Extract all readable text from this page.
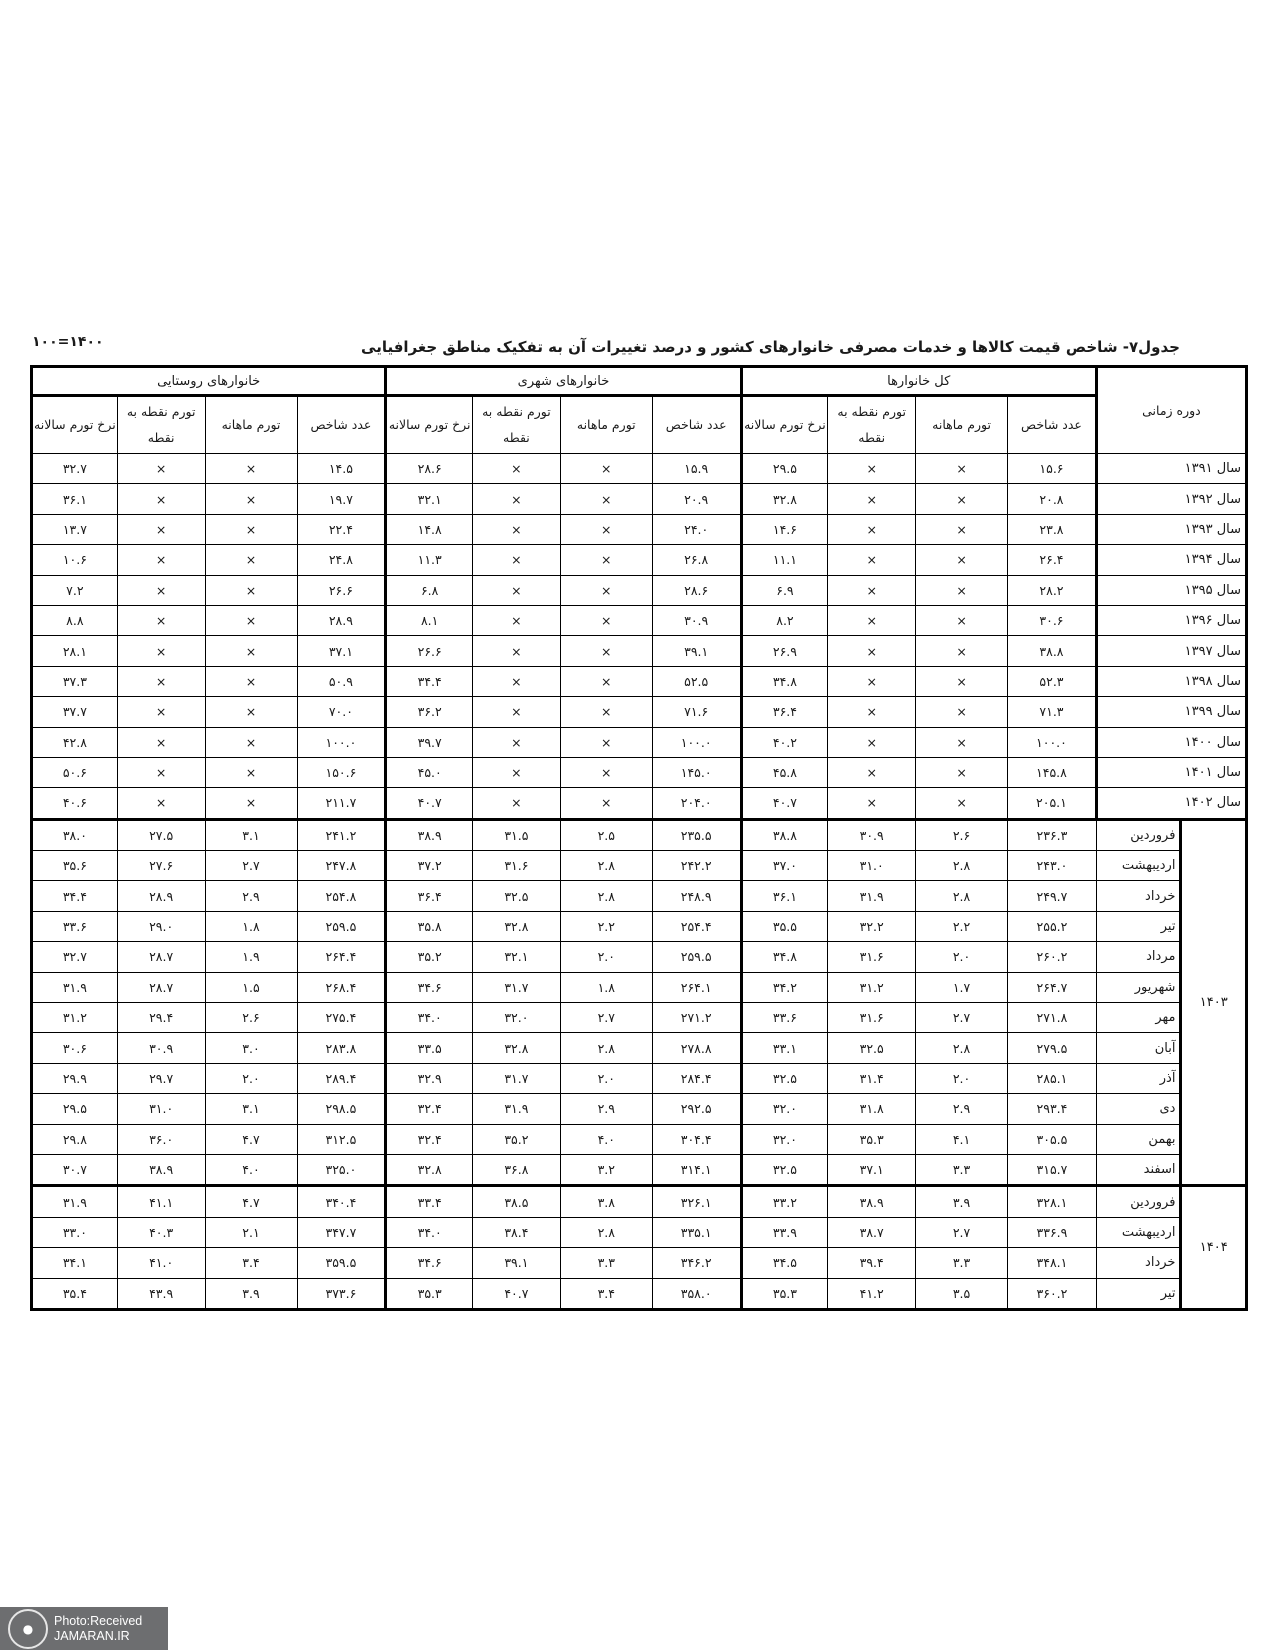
جدول۷- شاخص قیمت کالاها و خدمات مصرفی خانوارهای کشور و درصد تغییرات آن به تفکیک مناطق جغرافیایی
۱۴۰۰=۱۰۰
دوره زمانی		کل خانوارها				خانوارهای شهری				خانوارهای روستایی			
		عدد شاخص	تورم ماهانه	تورم نقطه به نقطه	نرخ تورم سالانه	عدد شاخص	تورم ماهانه	تورم نقطه به نقطه	نرخ تورم سالانه	عدد شاخص	تورم ماهانه	تورم نقطه به نقطه	نرخ تورم سالانه
سال ۱۳۹۱		۱۵.۶	×	×	۲۹.۵	۱۵.۹	×	×	۲۸.۶	۱۴.۵	×	×	۳۲.۷
سال ۱۳۹۲		۲۰.۸	×	×	۳۲.۸	۲۰.۹	×	×	۳۲.۱	۱۹.۷	×	×	۳۶.۱
سال ۱۳۹۳		۲۳.۸	×	×	۱۴.۶	۲۴.۰	×	×	۱۴.۸	۲۲.۴	×	×	۱۳.۷
سال ۱۳۹۴		۲۶.۴	×	×	۱۱.۱	۲۶.۸	×	×	۱۱.۳	۲۴.۸	×	×	۱۰.۶
سال ۱۳۹۵		۲۸.۲	×	×	۶.۹	۲۸.۶	×	×	۶.۸	۲۶.۶	×	×	۷.۲
سال ۱۳۹۶		۳۰.۶	×	×	۸.۲	۳۰.۹	×	×	۸.۱	۲۸.۹	×	×	۸.۸
سال ۱۳۹۷		۳۸.۸	×	×	۲۶.۹	۳۹.۱	×	×	۲۶.۶	۳۷.۱	×	×	۲۸.۱
سال ۱۳۹۸		۵۲.۳	×	×	۳۴.۸	۵۲.۵	×	×	۳۴.۴	۵۰.۹	×	×	۳۷.۳
سال ۱۳۹۹		۷۱.۳	×	×	۳۶.۴	۷۱.۶	×	×	۳۶.۲	۷۰.۰	×	×	۳۷.۷
سال ۱۴۰۰		۱۰۰.۰	×	×	۴۰.۲	۱۰۰.۰	×	×	۳۹.۷	۱۰۰.۰	×	×	۴۲.۸
سال ۱۴۰۱		۱۴۵.۸	×	×	۴۵.۸	۱۴۵.۰	×	×	۴۵.۰	۱۵۰.۶	×	×	۵۰.۶
سال ۱۴۰۲		۲۰۵.۱	×	×	۴۰.۷	۲۰۴.۰	×	×	۴۰.۷	۲۱۱.۷	×	×	۴۰.۶
۱۴۰۳	فروردین	۲۳۶.۳	۲.۶	۳۰.۹	۳۸.۸	۲۳۵.۵	۲.۵	۳۱.۵	۳۸.۹	۲۴۱.۲	۳.۱	۲۷.۵	۳۸.۰
	اردیبهشت	۲۴۳.۰	۲.۸	۳۱.۰	۳۷.۰	۲۴۲.۲	۲.۸	۳۱.۶	۳۷.۲	۲۴۷.۸	۲.۷	۲۷.۶	۳۵.۶
	خرداد	۲۴۹.۷	۲.۸	۳۱.۹	۳۶.۱	۲۴۸.۹	۲.۸	۳۲.۵	۳۶.۴	۲۵۴.۸	۲.۹	۲۸.۹	۳۴.۴
	تیر	۲۵۵.۲	۲.۲	۳۲.۲	۳۵.۵	۲۵۴.۴	۲.۲	۳۲.۸	۳۵.۸	۲۵۹.۵	۱.۸	۲۹.۰	۳۳.۶
	مرداد	۲۶۰.۲	۲.۰	۳۱.۶	۳۴.۸	۲۵۹.۵	۲.۰	۳۲.۱	۳۵.۲	۲۶۴.۴	۱.۹	۲۸.۷	۳۲.۷
	شهریور	۲۶۴.۷	۱.۷	۳۱.۲	۳۴.۲	۲۶۴.۱	۱.۸	۳۱.۷	۳۴.۶	۲۶۸.۴	۱.۵	۲۸.۷	۳۱.۹
	مهر	۲۷۱.۸	۲.۷	۳۱.۶	۳۳.۶	۲۷۱.۲	۲.۷	۳۲.۰	۳۴.۰	۲۷۵.۴	۲.۶	۲۹.۴	۳۱.۲
	آبان	۲۷۹.۵	۲.۸	۳۲.۵	۳۳.۱	۲۷۸.۸	۲.۸	۳۲.۸	۳۳.۵	۲۸۳.۸	۳.۰	۳۰.۹	۳۰.۶
	آذر	۲۸۵.۱	۲.۰	۳۱.۴	۳۲.۵	۲۸۴.۴	۲.۰	۳۱.۷	۳۲.۹	۲۸۹.۴	۲.۰	۲۹.۷	۲۹.۹
	دی	۲۹۳.۴	۲.۹	۳۱.۸	۳۲.۰	۲۹۲.۵	۲.۹	۳۱.۹	۳۲.۴	۲۹۸.۵	۳.۱	۳۱.۰	۲۹.۵
	بهمن	۳۰۵.۵	۴.۱	۳۵.۳	۳۲.۰	۳۰۴.۴	۴.۰	۳۵.۲	۳۲.۴	۳۱۲.۵	۴.۷	۳۶.۰	۲۹.۸
	اسفند	۳۱۵.۷	۳.۳	۳۷.۱	۳۲.۵	۳۱۴.۱	۳.۲	۳۶.۸	۳۲.۸	۳۲۵.۰	۴.۰	۳۸.۹	۳۰.۷
۱۴۰۴	فروردین	۳۲۸.۱	۳.۹	۳۸.۹	۳۳.۲	۳۲۶.۱	۳.۸	۳۸.۵	۳۳.۴	۳۴۰.۴	۴.۷	۴۱.۱	۳۱.۹
	اردیبهشت	۳۳۶.۹	۲.۷	۳۸.۷	۳۳.۹	۳۳۵.۱	۲.۸	۳۸.۴	۳۴.۰	۳۴۷.۷	۲.۱	۴۰.۳	۳۳.۰
	خرداد	۳۴۸.۱	۳.۳	۳۹.۴	۳۴.۵	۳۴۶.۲	۳.۳	۳۹.۱	۳۴.۶	۳۵۹.۵	۳.۴	۴۱.۰	۳۴.۱
	تیر	۳۶۰.۲	۳.۵	۴۱.۲	۳۵.۳	۳۵۸.۰	۳.۴	۴۰.۷	۳۵.۳	۳۷۳.۶	۳.۹	۴۳.۹	۳۵.۴
●
Photo:Received
JAMARAN.IR
